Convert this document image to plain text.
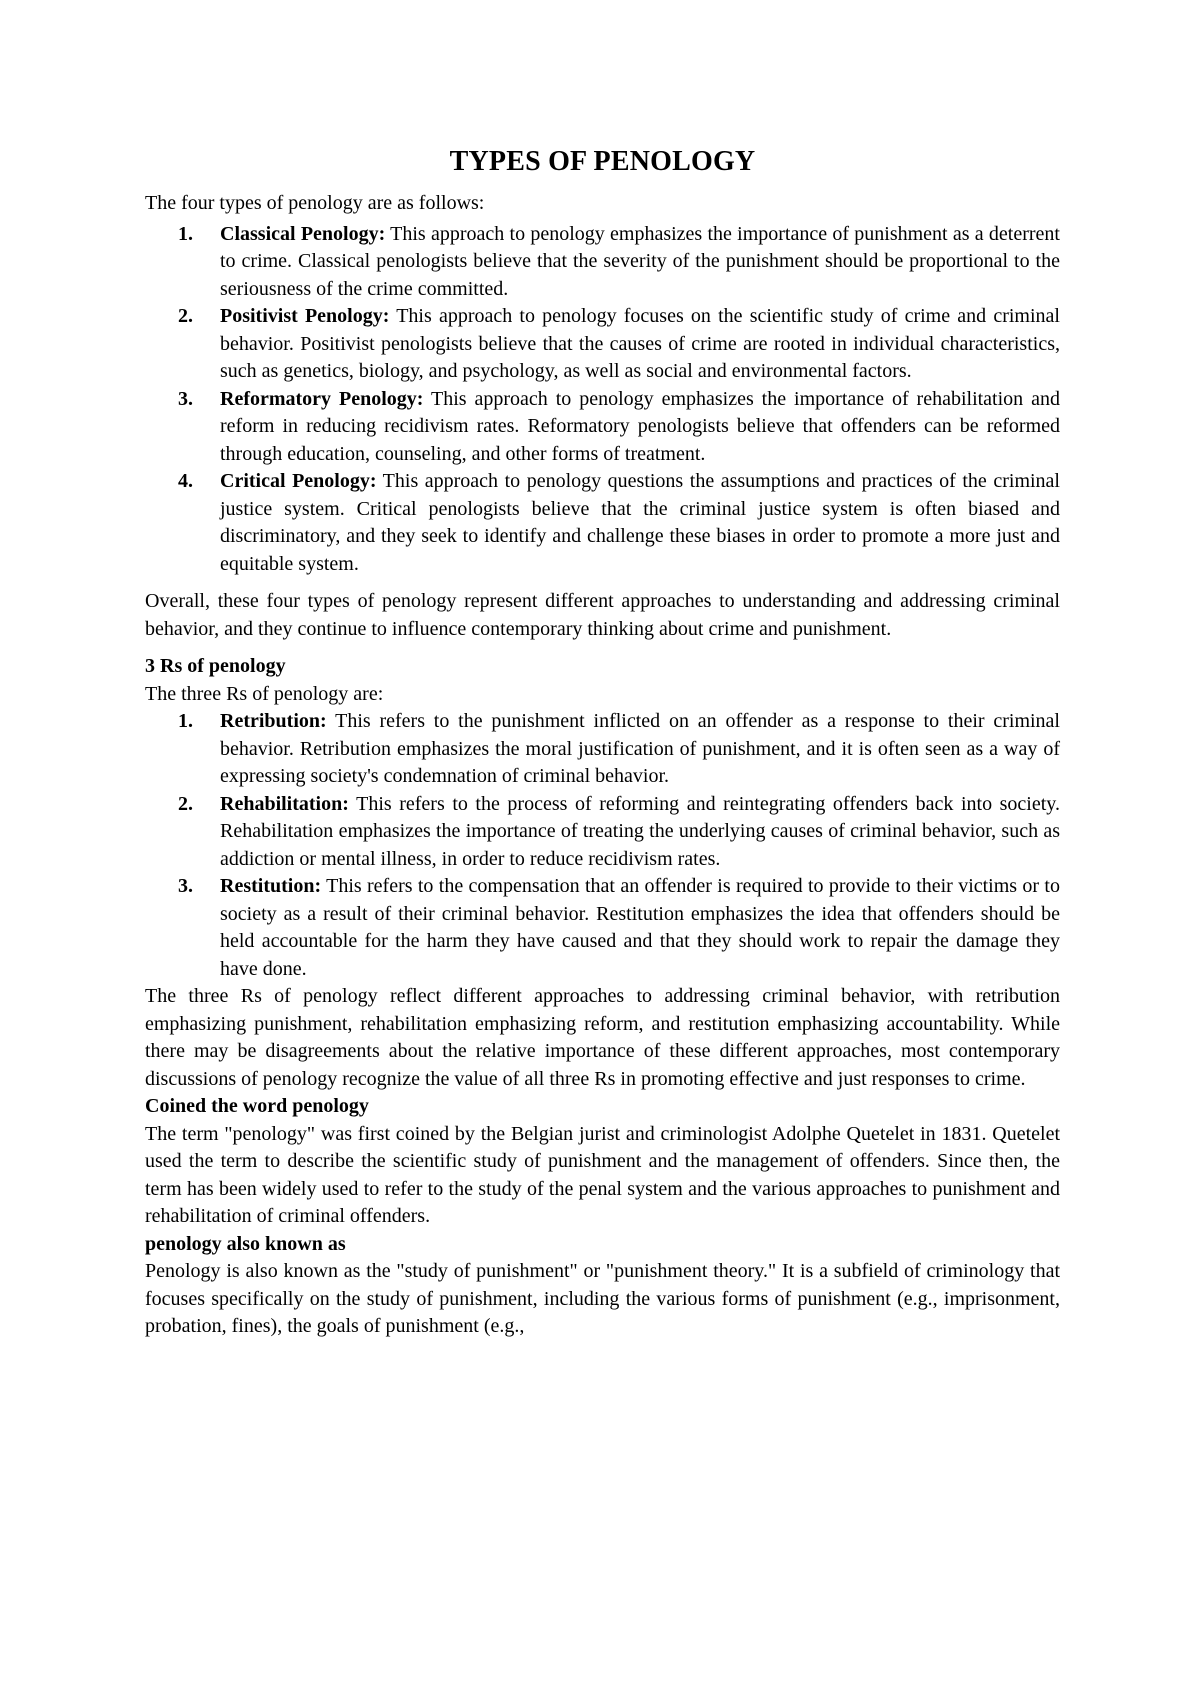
TYPES OF PENOLOGY

The four types of penology are as follows:

1. Classical Penology: This approach to penology emphasizes the importance of punishment as a deterrent to crime. Classical penologists believe that the severity of the punishment should be proportional to the seriousness of the crime committed.
2. Positivist Penology: This approach to penology focuses on the scientific study of crime and criminal behavior. Positivist penologists believe that the causes of crime are rooted in individual characteristics, such as genetics, biology, and psychology, as well as social and environmental factors.
3. Reformatory Penology: This approach to penology emphasizes the importance of rehabilitation and reform in reducing recidivism rates. Reformatory penologists believe that offenders can be reformed through education, counseling, and other forms of treatment.
4. Critical Penology: This approach to penology questions the assumptions and practices of the criminal justice system. Critical penologists believe that the criminal justice system is often biased and discriminatory, and they seek to identify and challenge these biases in order to promote a more just and equitable system.

Overall, these four types of penology represent different approaches to understanding and addressing criminal behavior, and they continue to influence contemporary thinking about crime and punishment.

3 Rs of penology

The three Rs of penology are:

1. Retribution: This refers to the punishment inflicted on an offender as a response to their criminal behavior. Retribution emphasizes the moral justification of punishment, and it is often seen as a way of expressing society's condemnation of criminal behavior.
2. Rehabilitation: This refers to the process of reforming and reintegrating offenders back into society. Rehabilitation emphasizes the importance of treating the underlying causes of criminal behavior, such as addiction or mental illness, in order to reduce recidivism rates.
3. Restitution: This refers to the compensation that an offender is required to provide to their victims or to society as a result of their criminal behavior. Restitution emphasizes the idea that offenders should be held accountable for the harm they have caused and that they should work to repair the damage they have done.

The three Rs of penology reflect different approaches to addressing criminal behavior, with retribution emphasizing punishment, rehabilitation emphasizing reform, and restitution emphasizing accountability. While there may be disagreements about the relative importance of these different approaches, most contemporary discussions of penology recognize the value of all three Rs in promoting effective and just responses to crime.

Coined the word penology

The term "penology" was first coined by the Belgian jurist and criminologist Adolphe Quetelet in 1831. Quetelet used the term to describe the scientific study of punishment and the management of offenders. Since then, the term has been widely used to refer to the study of the penal system and the various approaches to punishment and rehabilitation of criminal offenders.

penology also known as

Penology is also known as the "study of punishment" or "punishment theory." It is a subfield of criminology that focuses specifically on the study of punishment, including the various forms of punishment (e.g., imprisonment, probation, fines), the goals of punishment (e.g.,
